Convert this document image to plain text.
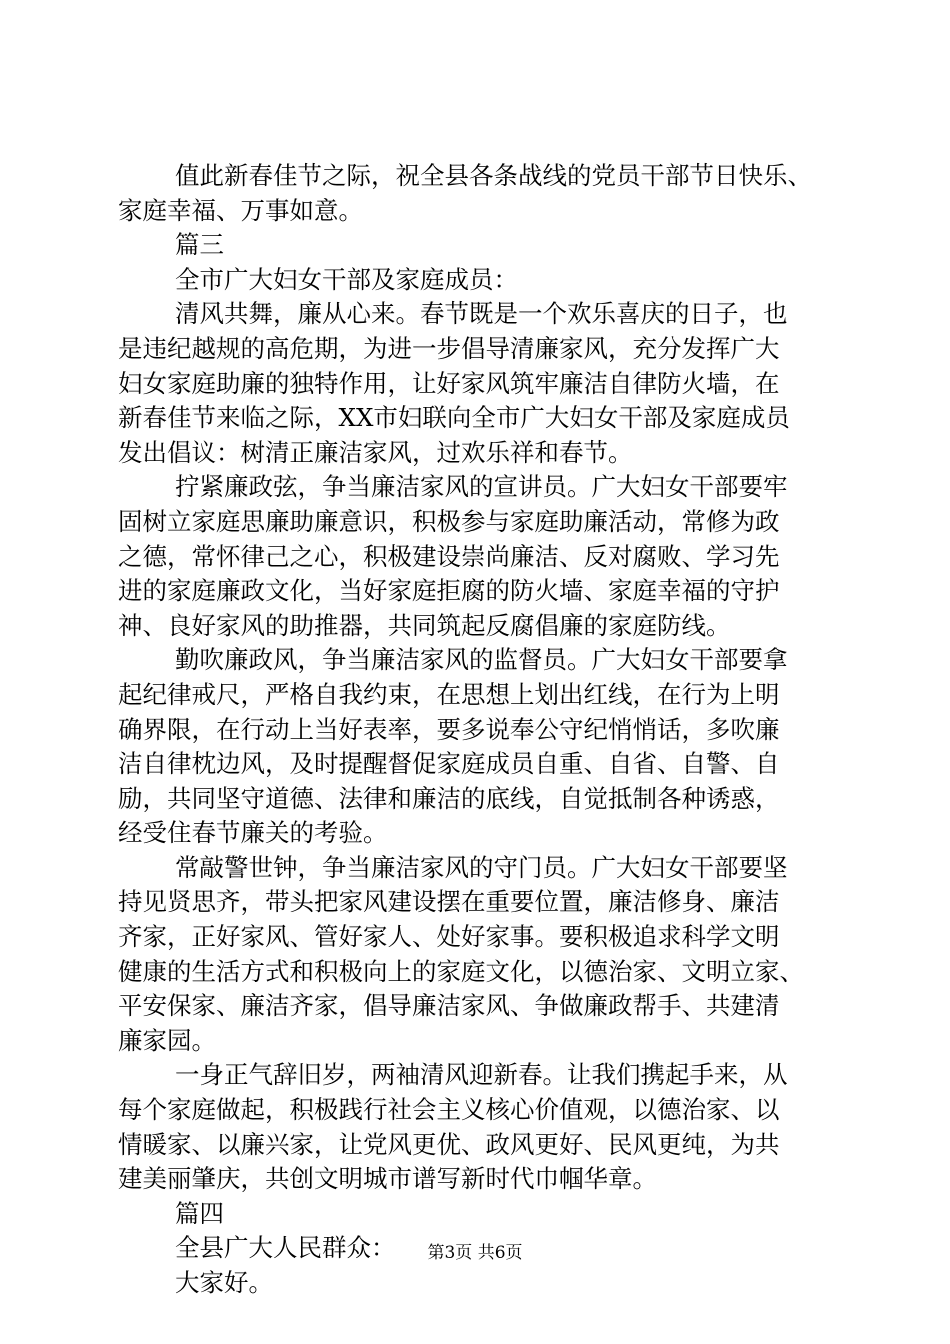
值此新春佳节之际，祝全县各条战线的党员干部节日快乐、
家庭幸福、万事如意。
篇三
全市广大妇女干部及家庭成员：
清风共舞，廉从心来。春节既是一个欢乐喜庆的日子，也
是违纪越规的高危期，为进一步倡导清廉家风，充分发挥广大
妇女家庭助廉的独特作用，让好家风筑牢廉洁自律防火墙，在
新春佳节来临之际，XX市妇联向全市广大妇女干部及家庭成员
发出倡议：树清正廉洁家风，过欢乐祥和春节。
拧紧廉政弦，争当廉洁家风的宣讲员。广大妇女干部要牢
固树立家庭思廉助廉意识，积极参与家庭助廉活动，常修为政
之德，常怀律己之心，积极建设崇尚廉洁、反对腐败、学习先
进的家庭廉政文化，当好家庭拒腐的防火墙、家庭幸福的守护
神、良好家风的助推器，共同筑起反腐倡廉的家庭防线。
勤吹廉政风，争当廉洁家风的监督员。广大妇女干部要拿
起纪律戒尺，严格自我约束，在思想上划出红线，在行为上明
确界限，在行动上当好表率，要多说奉公守纪悄悄话，多吹廉
洁自律枕边风，及时提醒督促家庭成员自重、自省、自警、自
励，共同坚守道德、法律和廉洁的底线，自觉抵制各种诱惑，
经受住春节廉关的考验。
常敲警世钟，争当廉洁家风的守门员。广大妇女干部要坚
持见贤思齐，带头把家风建设摆在重要位置，廉洁修身、廉洁
齐家，正好家风、管好家人、处好家事。要积极追求科学文明
健康的生活方式和积极向上的家庭文化，以德治家、文明立家、
平安保家、廉洁齐家，倡导廉洁家风、争做廉政帮手、共建清
廉家园。
一身正气辞旧岁，两袖清风迎新春。让我们携起手来，从
每个家庭做起，积极践行社会主义核心价值观，以德治家、以
情暖家、以廉兴家，让党风更优、政风更好、民风更纯，为共
建美丽肇庆，共创文明城市谱写新时代巾帼华章。
篇四
全县广大人民群众：
大家好。
第3页 共6页
